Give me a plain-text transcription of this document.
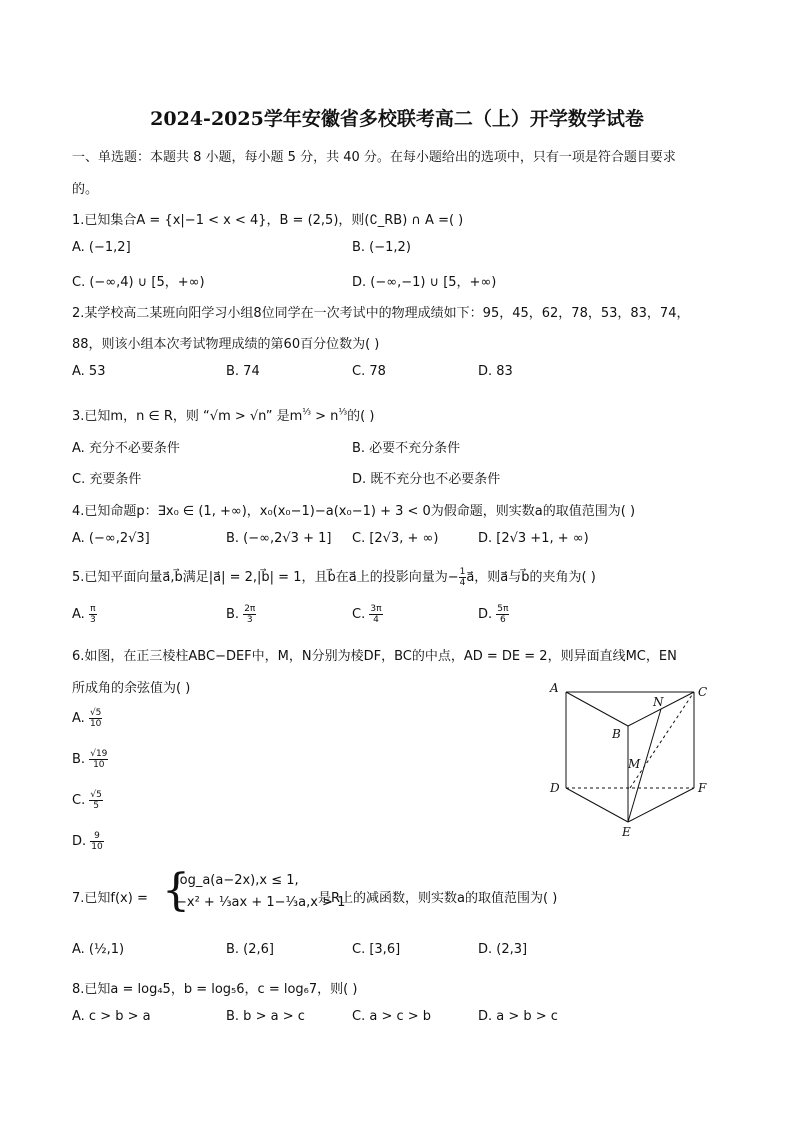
2024-2025学年安徽省多校联考高二（上）开学数学试卷
一、单选题：本题共 8 小题，每小题 5 分，共 40 分。在每小题给出的选项中，只有一项是符合题目要求
的。
1.已知集合A = {x|−1 < x < 4}，B = (2,5)，则(∁_RB) ∩ A =( )
A. (−1,2]	B. (−1,2)
C. (−∞,4) ∪ [5，+∞)	D. (−∞,−1) ∪ [5，+∞)
2.某学校高二某班向阳学习小组8位同学在一次考试中的物理成绩如下：95，45，62，78，53，83，74，
88，则该小组本次考试物理成绩的第60百分位数为( )
A. 53	B. 74	C. 78	D. 83
3.已知m，n ∈ R，则 “√m > √n” 是$m^{\frac{1}{3}} > n^{\frac{1}{3}}$的( )
A. 充分不必要条件	B. 必要不充分条件
C. 充要条件	D. 既不充分也不必要条件
4.已知命题p：∃x₀ ∈ (1, +∞)，x₀(x₀−1)−a(x₀−1) + 3 < 0为假命题，则实数a的取值范围为( )
A. (−∞,2√3]	B. (−∞,2√3 + 1] C. [2√3, + ∞)	D. [2√3 +1, + ∞)
5.已知平面向量a⃗,b⃗满足|a⃗| = 2,|b⃗| = 1，且b⃗在a⃗上的投影向量为− $\frac{1}{4}$ a⃗，则a⃗与b⃗的夹角为( )
A. $\frac{\pi}{3}$	B. $\frac{2\pi}{3}$	C. $\frac{3\pi}{4}$	D. $\frac{5\pi}{6}$
6.如图，在正三棱柱ABC−DEF中，M，N分别为棱DF，BC的中点，AD = DE = 2，则异面直线MC，EN
所成角的余弦值为( )
A. $\frac{√5}{10}$
B. $\frac{√19}{10}$
C. $\frac{√5}{5}$
D. $\frac{9}{10}$
A	C
N
B
M
D	F
E
7.已知f(x) = {
log_a(a−2x),x ≤ 1,
−x² + ⅓ax + 1−⅓a,x > 1
是R上的减函数，则实数a的取值范围为( )
A. (½,1)	B. (2,6]	C. [3,6]	D. (2,3]
8.已知a = log₄5，b = log₅6，c = log₆7，则( )
A. c > b > a	B. b > a > c	C. a > c > b	D. a > b > c
